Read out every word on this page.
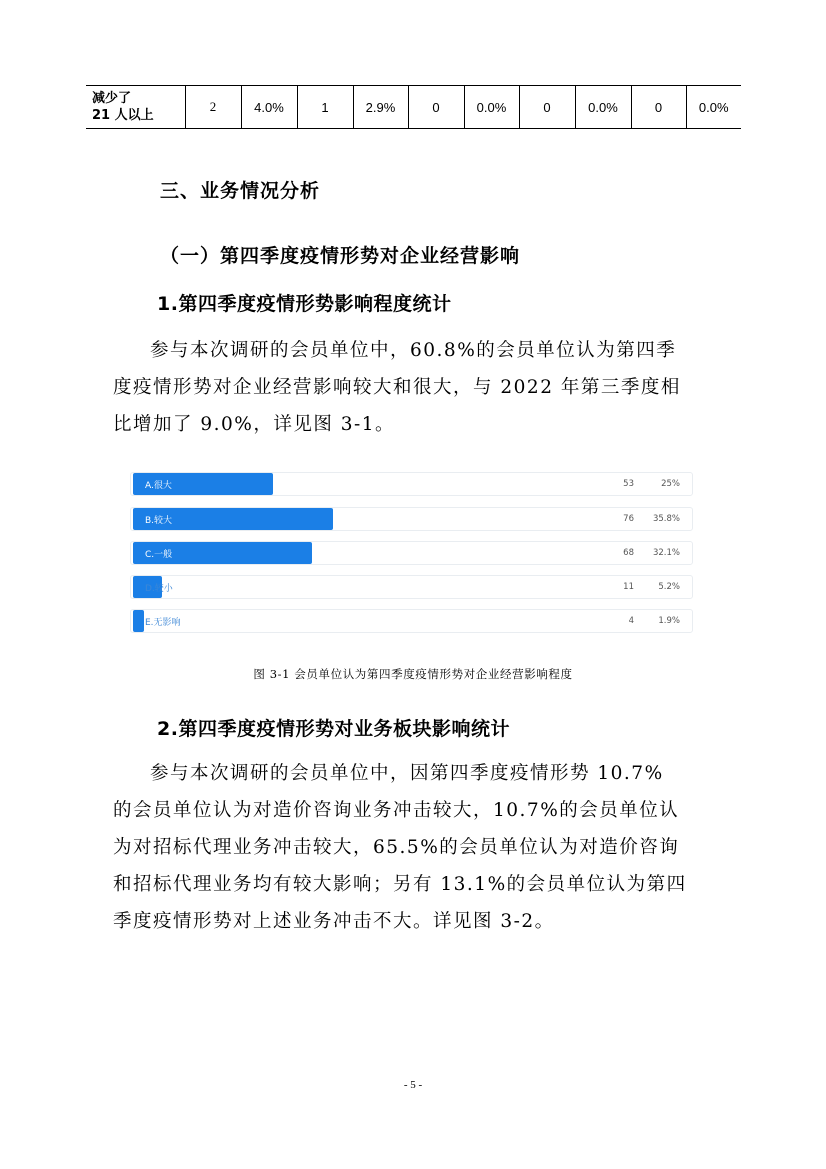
减少了
21 人以上	2	4.0%	1	2.9%	0	0.0%	0	0.0%	0	0.0%
三、业务情况分析
（一）第四季度疫情形势对企业经营影响
1.第四季度疫情形势影响程度统计

参与本次调研的会员单位中，60.8%的会员单位认为第四季
度疫情形势对企业经营影响较大和很大，与 2022 年第三季度相
比增加了 9.0%，详见图 3-1。

A.很大	53	25%
B.较大	76 35.8%
C.一般	68 32.1%
D.较小	11	5.2%
E.无影响	4	1.9%
图 3-1 会员单位认为第四季度疫情形势对企业经营影响程度
2.第四季度疫情形势对业务板块影响统计

参与本次调研的会员单位中，因第四季度疫情形势 10.7%
的会员单位认为对造价咨询业务冲击较大，10.7%的会员单位认
为对招标代理业务冲击较大，65.5%的会员单位认为对造价咨询
和招标代理业务均有较大影响；另有 13.1%的会员单位认为第四
季度疫情形势对上述业务冲击不大。详见图 3-2。

- 5 -
